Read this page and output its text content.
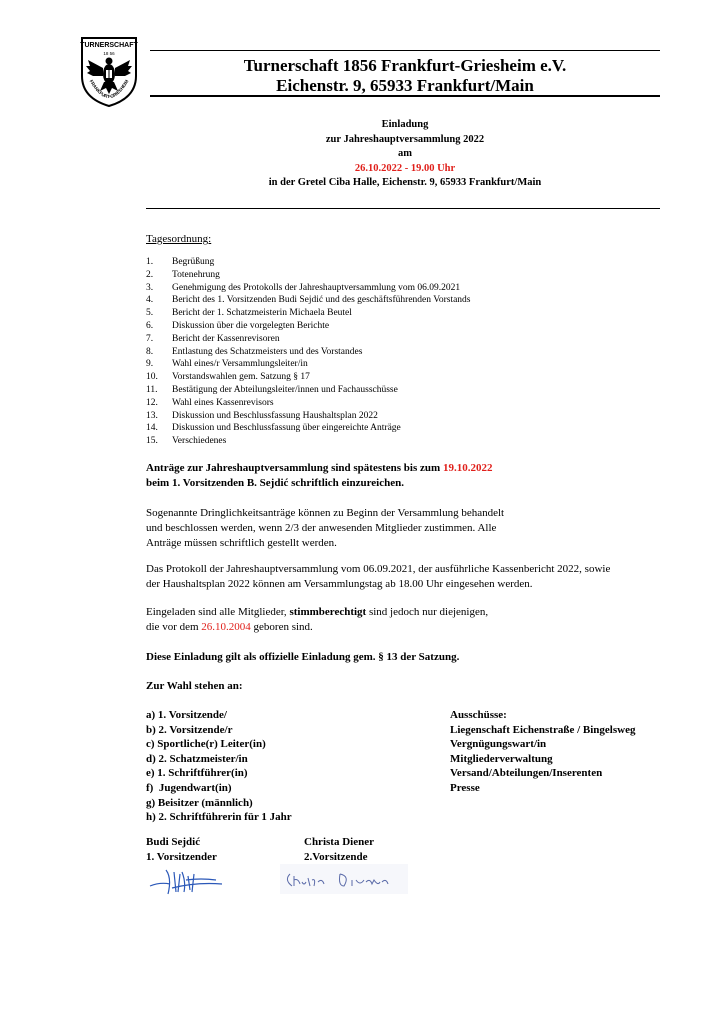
TURNERSCHAFT
18 56
FRANKFURT-GRIESHEIM
Turnerschaft 1856 Frankfurt-Griesheim e.V.
Eichenstr. 9, 65933 Frankfurt/Main
Einladung
zur Jahreshauptversammlung 2022
am
26.10.2022 - 19.00 Uhr
in der Gretel Ciba Halle, Eichenstr. 9, 65933 Frankfurt/Main
Tagesordnung:
1. Begrüßung
2. Totenehrung
3. Genehmigung des Protokolls der Jahreshauptversammlung vom 06.09.2021
4. Bericht des 1. Vorsitzenden Budi Sejdić und des geschäftsführenden Vorstands
5. Bericht der 1. Schatzmeisterin Michaela Beutel
6. Diskussion über die vorgelegten Berichte
7. Bericht der Kassenrevisoren
8. Entlastung des Schatzmeisters und des Vorstandes
9. Wahl eines/r Versammlungsleiter/in
10. Vorstandswahlen gem. Satzung § 17
11. Bestätigung der Abteilungsleiter/innen und Fachausschüsse
12. Wahl eines Kassenrevisors
13. Diskussion und Beschlussfassung Haushaltsplan 2022
14. Diskussion und Beschlussfassung über eingereichte Anträge
15. Verschiedenes
Anträge zur Jahreshauptversammlung sind spätestens bis zum 19.10.2022
beim 1. Vorsitzenden B. Sejdić schriftlich einzureichen.
Sogenannte Dringlichkeitsanträge können zu Beginn der Versammlung behandelt
und beschlossen werden, wenn 2/3 der anwesenden Mitglieder zustimmen. Alle
Anträge müssen schriftlich gestellt werden.
Das Protokoll der Jahreshauptversammlung vom 06.09.2021, der ausführliche Kassenbericht 2022, sowie
der Haushaltsplan 2022 können am Versammlungstag ab 18.00 Uhr eingesehen werden.
Eingeladen sind alle Mitglieder, stimmberechtigt sind jedoch nur diejenigen,
die vor dem 26.10.2004 geboren sind.
Diese Einladung gilt als offizielle Einladung gem. § 13 der Satzung.
Zur Wahl stehen an:
a) 1. Vorsitzende/
b) 2. Vorsitzende/r
c) Sportliche(r) Leiter(in)
d) 2. Schatzmeister/in
e) 1. Schriftführer(in)
f)  Jugendwart(in)
g) Beisitzer (männlich)
h) 2. Schriftführerin für 1 Jahr
Ausschüsse:
Liegenschaft Eichenstraße / Bingelsweg
Vergnügungswart/in
Mitgliederverwaltung
Versand/Abteilungen/Inserenten
Presse
Budi Sejdić
1. Vorsitzender
Christa Diener
2.Vorsitzende
